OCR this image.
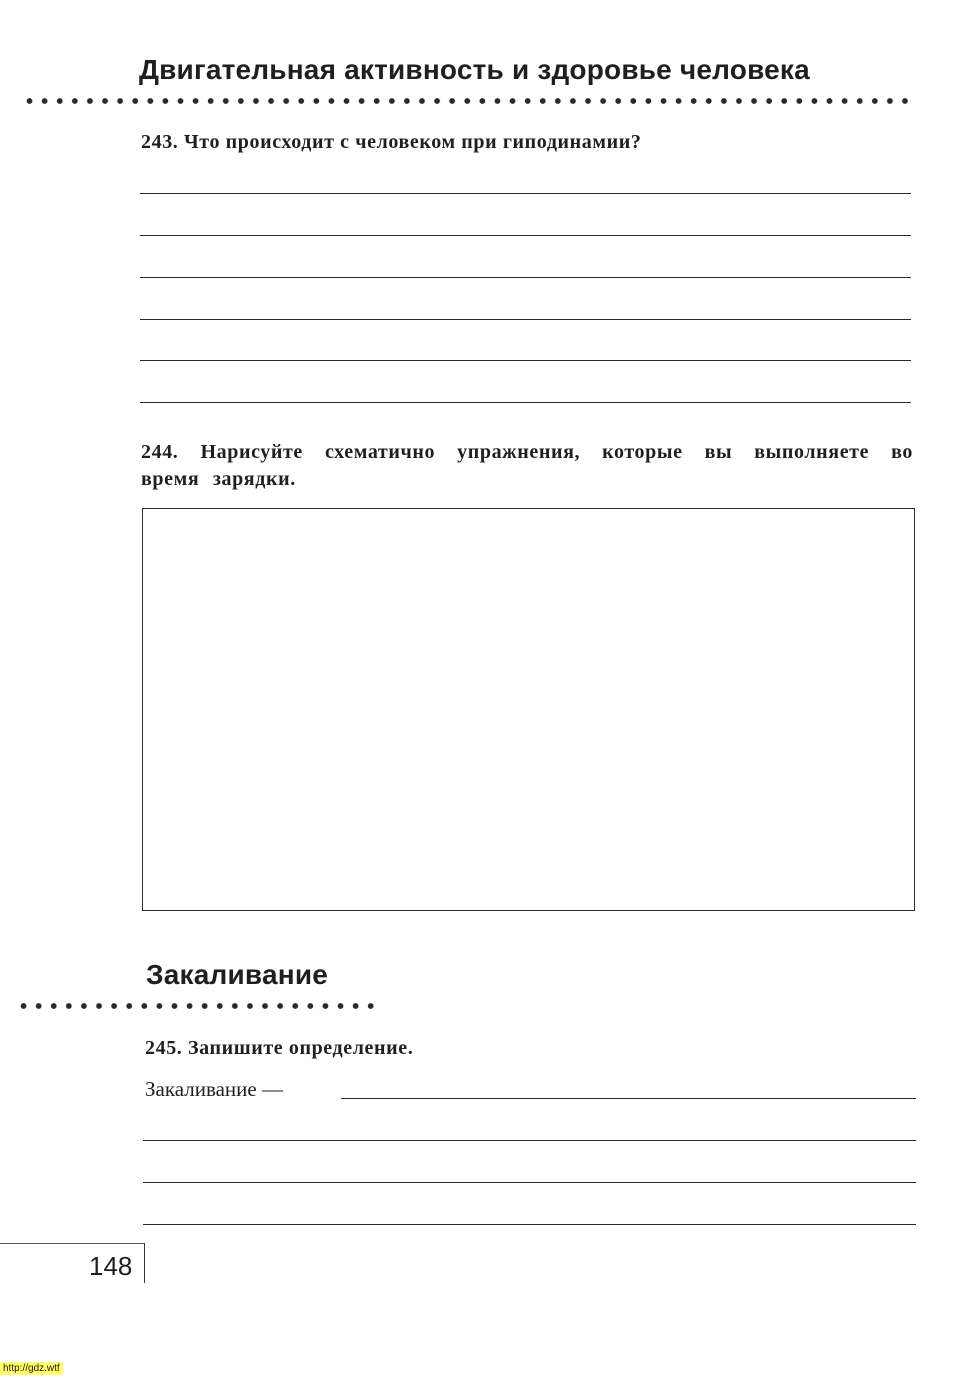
Двигательная активность и здоровье человека
243. Что происходит с человеком при гиподинамии?
244. Нарисуйте схематично упражнения, которые вы выполняете во время зарядки.
Закаливание
245. Запишите определение.
Закаливание —
148
http://gdz.wtf
